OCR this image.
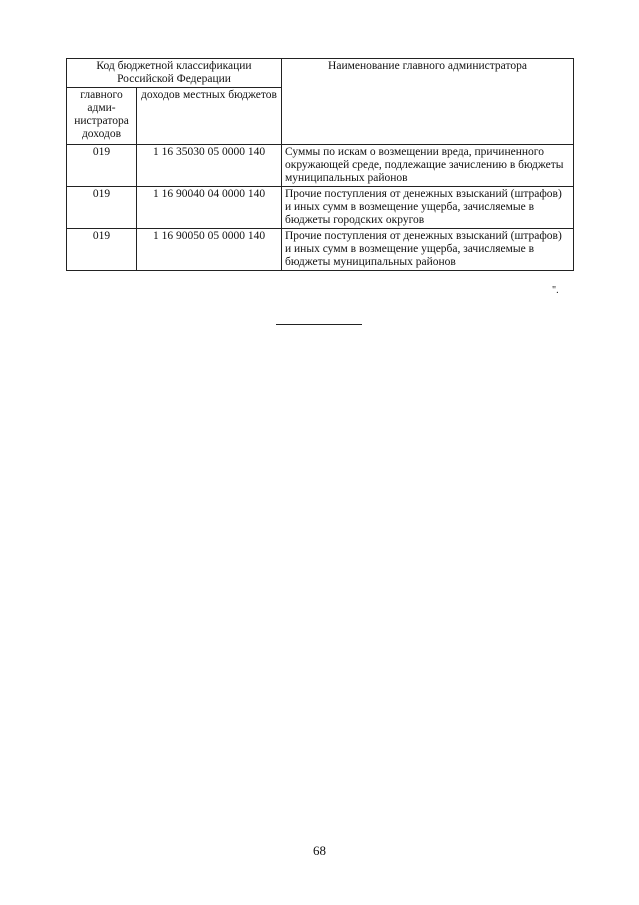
Код бюджетной классификации Российской Федерации		Наименование главного администратора
главного адми-нистратора доходов	доходов местных бюджетов	
019	1 16 35030 05 0000 140	Суммы по искам о возмещении вреда, причиненного окружающей среде, подлежащие зачислению в бюджеты муниципальных районов
019	1 16 90040 04 0000 140	Прочие поступления от денежных взысканий (штрафов) и иных сумм в возмещение ущерба, зачисляемые в бюджеты городских округов
019	1 16 90050 05 0000 140	Прочие поступления от денежных взысканий (штрафов) и иных сумм в возмещение ущерба, зачисляемые в бюджеты муниципальных районов
".
68
